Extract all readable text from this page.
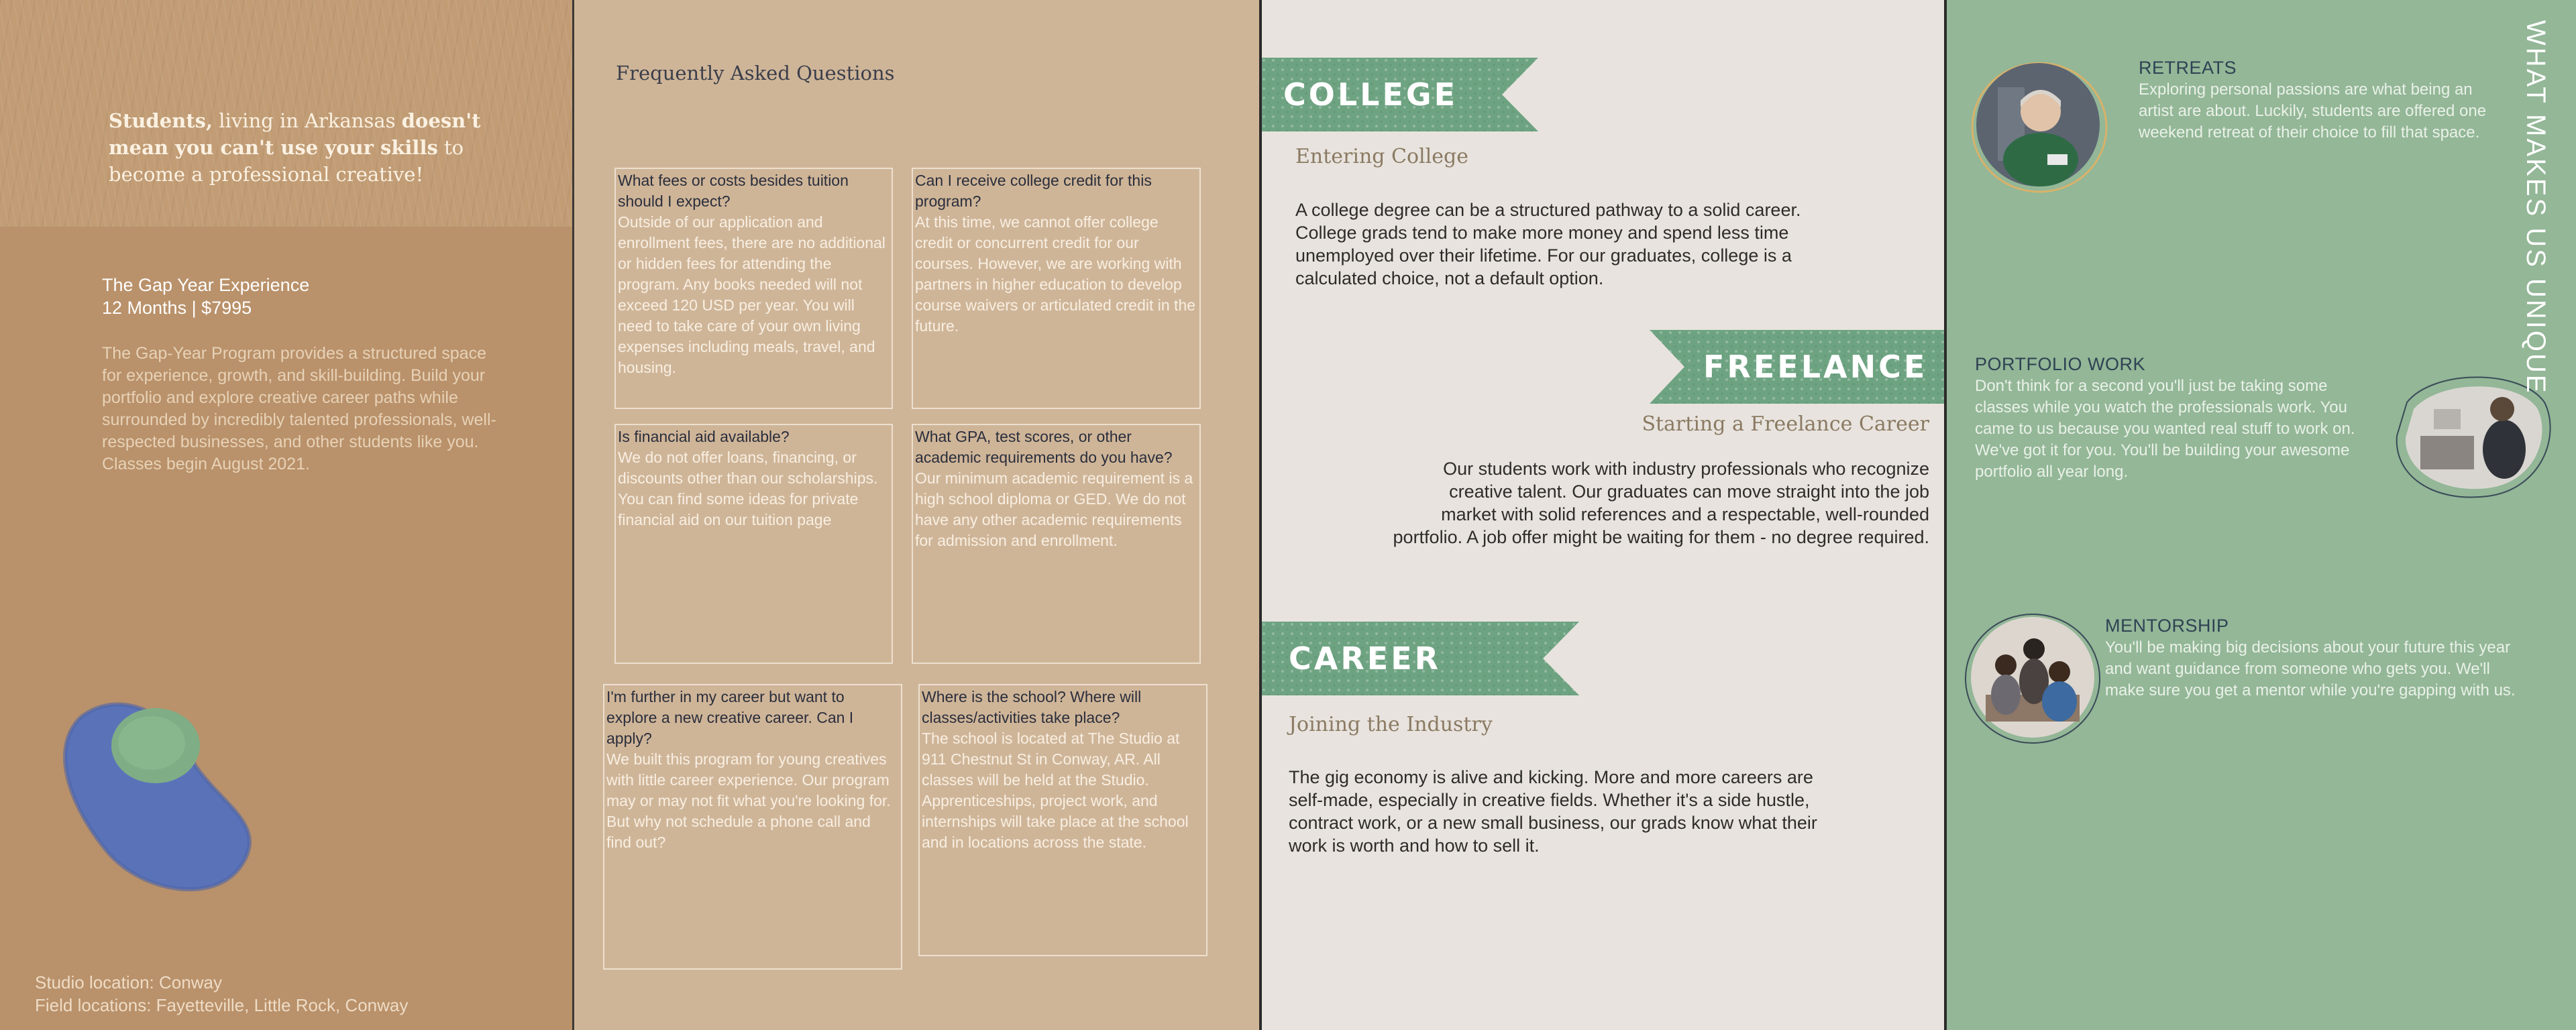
Students, living in Arkansas doesn't mean you can't use your skills to become a professional creative!
The Gap Year Experience
12 Months | $7995
The Gap-Year Program provides a structured space for experience, growth, and skill-building. Build your portfolio and explore creative career paths while surrounded by incredibly talented professionals, well-respected businesses, and other students like you. Classes begin August 2021.
Studio location: Conway
Field locations: Fayetteville, Little Rock, Conway
Frequently Asked Questions
What fees or costs besides tuition should I expect?
Outside of our application and enrollment fees, there are no additional or hidden fees for attending the program. Any books needed will not exceed 120 USD per year. You will need to take care of your own living expenses including meals, travel, and housing.
Can I receive college credit for this program?
At this time, we cannot offer college credit or concurrent credit for our courses. However, we are working with partners in higher education to develop course waivers or articulated credit in the future.
Is financial aid available?
We do not offer loans, financing, or discounts other than our scholarships. You can find some ideas for private financial aid on our tuition page
What GPA, test scores, or other academic requirements do you have?
Our minimum academic requirement is a high school diploma or GED. We do not have any other academic requirements for admission and enrollment.
I'm further in my career but want to explore a new creative career. Can I apply?
We built this program for young creatives with little career experience. Our program may or may not fit what you're looking for. But why not schedule a phone call and find out?
Where is the school? Where will classes/activities take place?
The school is located at The Studio at 911 Chestnut St in Conway, AR. All classes will be held at the Studio. Apprenticeships, project work, and internships will take place at the school and in locations across the state.
COLLEGE
Entering College
A college degree can be a structured pathway to a solid career. College grads tend to make more money and spend less time unemployed over their lifetime. For our graduates, college is a calculated choice, not a default option.
FREELANCE
Starting a Freelance Career
Our students work with industry professionals who recognize creative talent. Our graduates can move straight into the job market with solid references and a respectable, well-rounded portfolio. A job offer might be waiting for them - no degree required.
CAREER
Joining the Industry
The gig economy is alive and kicking. More and more careers are self-made, especially in creative fields. Whether it's a side hustle, contract work, or a new small business, our grads know what their work is worth and how to sell it.
RETREATS
Exploring personal passions are what being an artist are about. Luckily, students are offered one weekend retreat of their choice to fill that space.
PORTFOLIO WORK
Don't think for a second you'll just be taking some classes while you watch the professionals work. You came to us because you wanted real stuff to work on. We've got it for you. You'll be building your awesome portfolio all year long.
MENTORSHIP
You'll be making big decisions about your future this year and want guidance from someone who gets you. We'll make sure you get a mentor while you're gapping with us.
WHAT MAKES US UNIQUE
